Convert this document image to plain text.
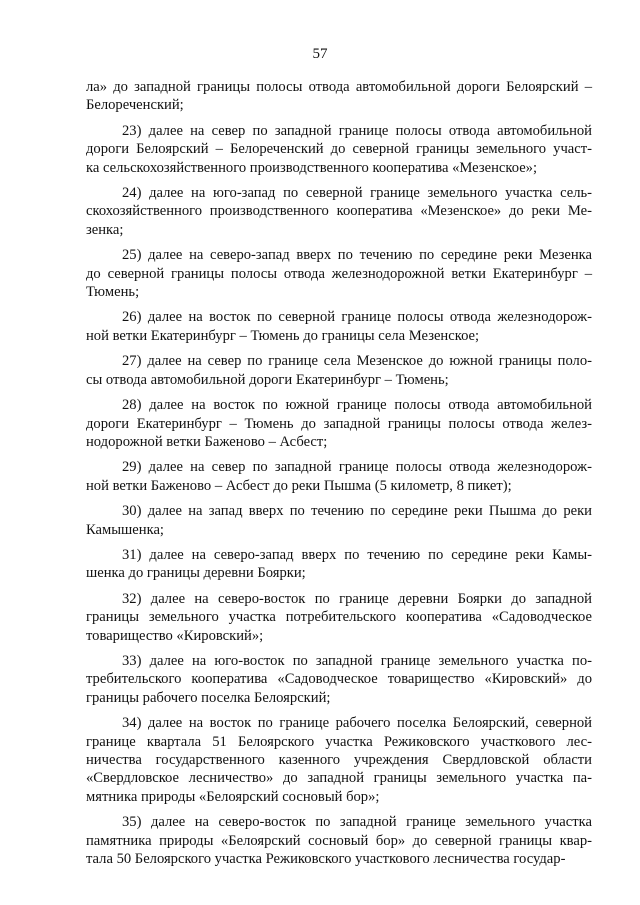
57

ла» до западной границы полосы отвода автомобильной дороги Белоярский –
Белореченский;

23) далее на север по западной границе полосы отвода автомобильной
дороги Белоярский – Белореченский до северной границы земельного участ-
ка сельскохозяйственного производственного кооператива «Мезенское»;

24) далее на юго-запад по северной границе земельного участка сель-
скохозяйственного производственного кооператива «Мезенское» до реки Ме-
зенка;

25) далее на северо-запад вверх по течению по середине реки Мезенка
до северной границы полосы отвода железнодорожной ветки Екатеринбург –
Тюмень;

26) далее на восток по северной границе полосы отвода железнодорож-
ной ветки Екатеринбург – Тюмень до границы села Мезенское;

27) далее на север по границе села Мезенское до южной границы поло-
сы отвода автомобильной дороги Екатеринбург – Тюмень;

28) далее на восток по южной границе полосы отвода автомобильной
дороги Екатеринбург – Тюмень до западной границы полосы отвода желез-
нодорожной ветки Баженово – Асбест;

29) далее на север по западной границе полосы отвода железнодорож-
ной ветки Баженово – Асбест до реки Пышма (5 километр, 8 пикет);

30) далее на запад вверх по течению по середине реки Пышма до реки
Камышенка;

31) далее на северо-запад вверх по течению по середине реки Камы-
шенка до границы деревни Боярки;

32) далее на северо-восток по границе деревни Боярки до западной
границы земельного участка потребительского кооператива «Садоводческое
товарищество «Кировский»;

33) далее на юго-восток по западной границе земельного участка по-
требительского кооператива «Садоводческое товарищество «Кировский» до
границы рабочего поселка Белоярский;

34) далее на восток по границе рабочего поселка Белоярский, северной
границе квартала 51 Белоярского участка Режиковского участкового лес-
ничества государственного казенного учреждения Свердловской области
«Свердловское лесничество» до западной границы земельного участка па-
мятника природы «Белоярский сосновый бор»;

35) далее на северо-восток по западной границе земельного участка
памятника природы «Белоярский сосновый бор» до северной границы квар-
тала 50 Белоярского участка Режиковского участкового лесничества государ-
